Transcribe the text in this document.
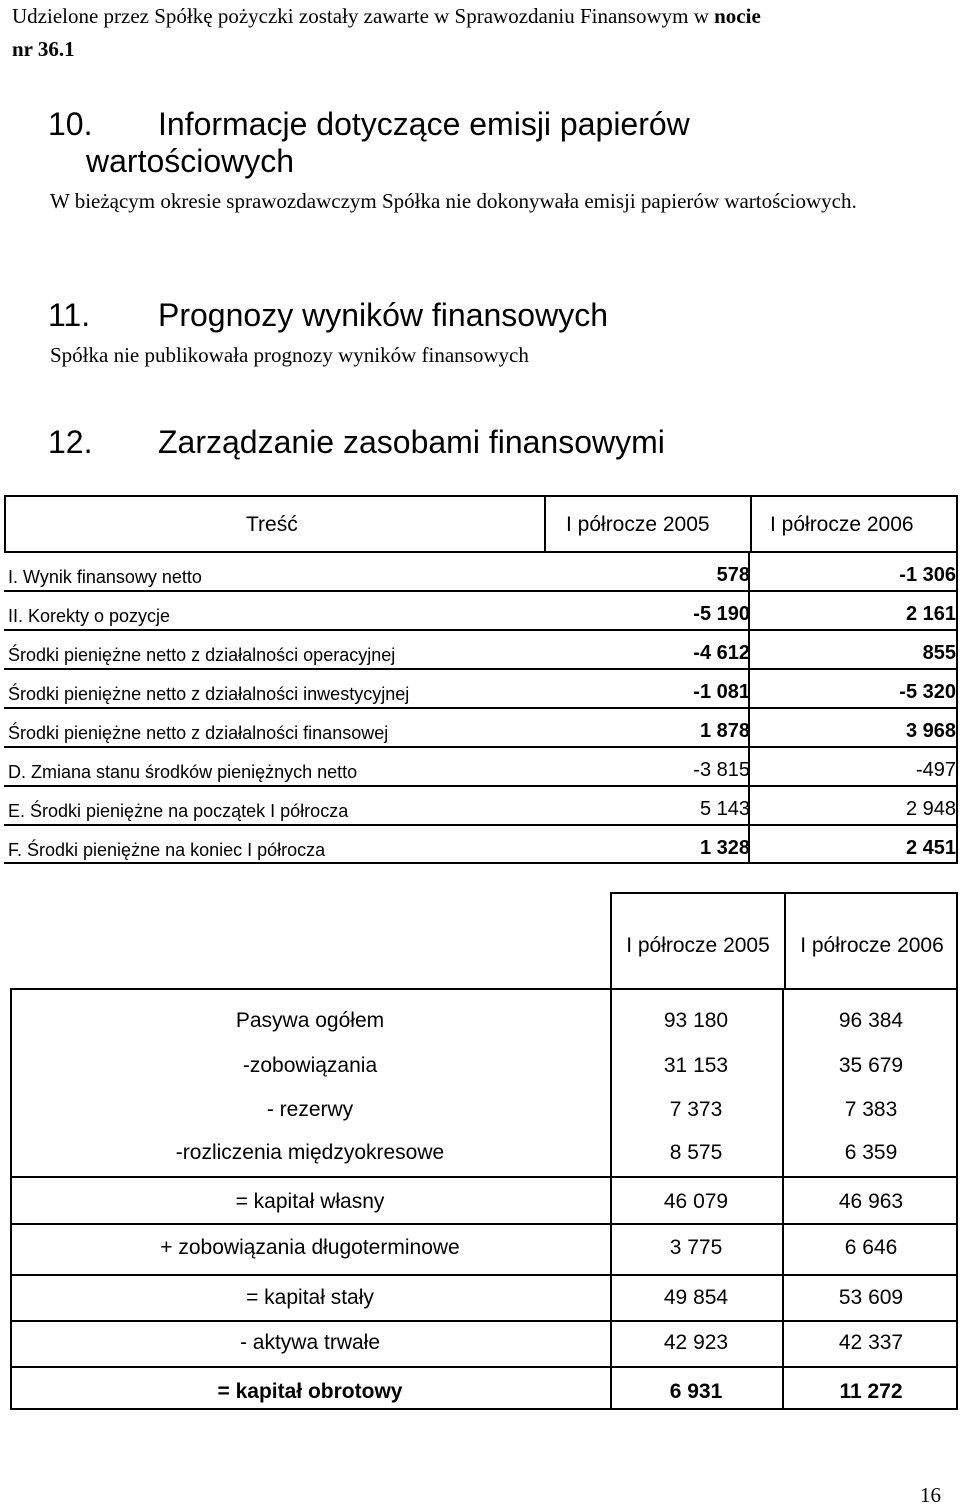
Udzielone przez Spółkę pożyczki zostały zawarte w Sprawozdaniu Finansowym w nocie
nr 36.1
10. Informacje dotyczące emisji papierów
wartościowych
W bieżącym okresie sprawozdawczym Spółka nie dokonywała emisji papierów wartościowych.
11. Prognozy wyników finansowych
Spółka nie publikowała prognozy wyników finansowych
12. Zarządzanie zasobami finansowymi
Treść	I półrocze 2005	I półrocze 2006
I. Wynik finansowy netto	578	-1 306
II. Korekty o pozycje	-5 190	2 161
Środki pieniężne netto z działalności operacyjnej	-4 612	855
Środki pieniężne netto z działalności inwestycyjnej	-1 081	-5 320
Środki pieniężne netto z działalności finansowej	1 878	3 968
D. Zmiana stanu środków pieniężnych netto	-3 815	-497
E. Środki pieniężne na początek I półrocza	5 143	2 948
F. Środki pieniężne na koniec I półrocza	1 328	2 451
I półrocze 2005	I półrocze 2006
Pasywa ogółem	93 180	96 384
-zobowiązania	31 153	35 679
- rezerwy	7 373	7 383
-rozliczenia międzyokresowe	8 575	6 359
= kapitał własny	46 079	46 963
+ zobowiązania długoterminowe	3 775	6 646
= kapitał stały	49 854	53 609
- aktywa trwałe	42 923	42 337
= kapitał obrotowy	6 931	11 272
16
